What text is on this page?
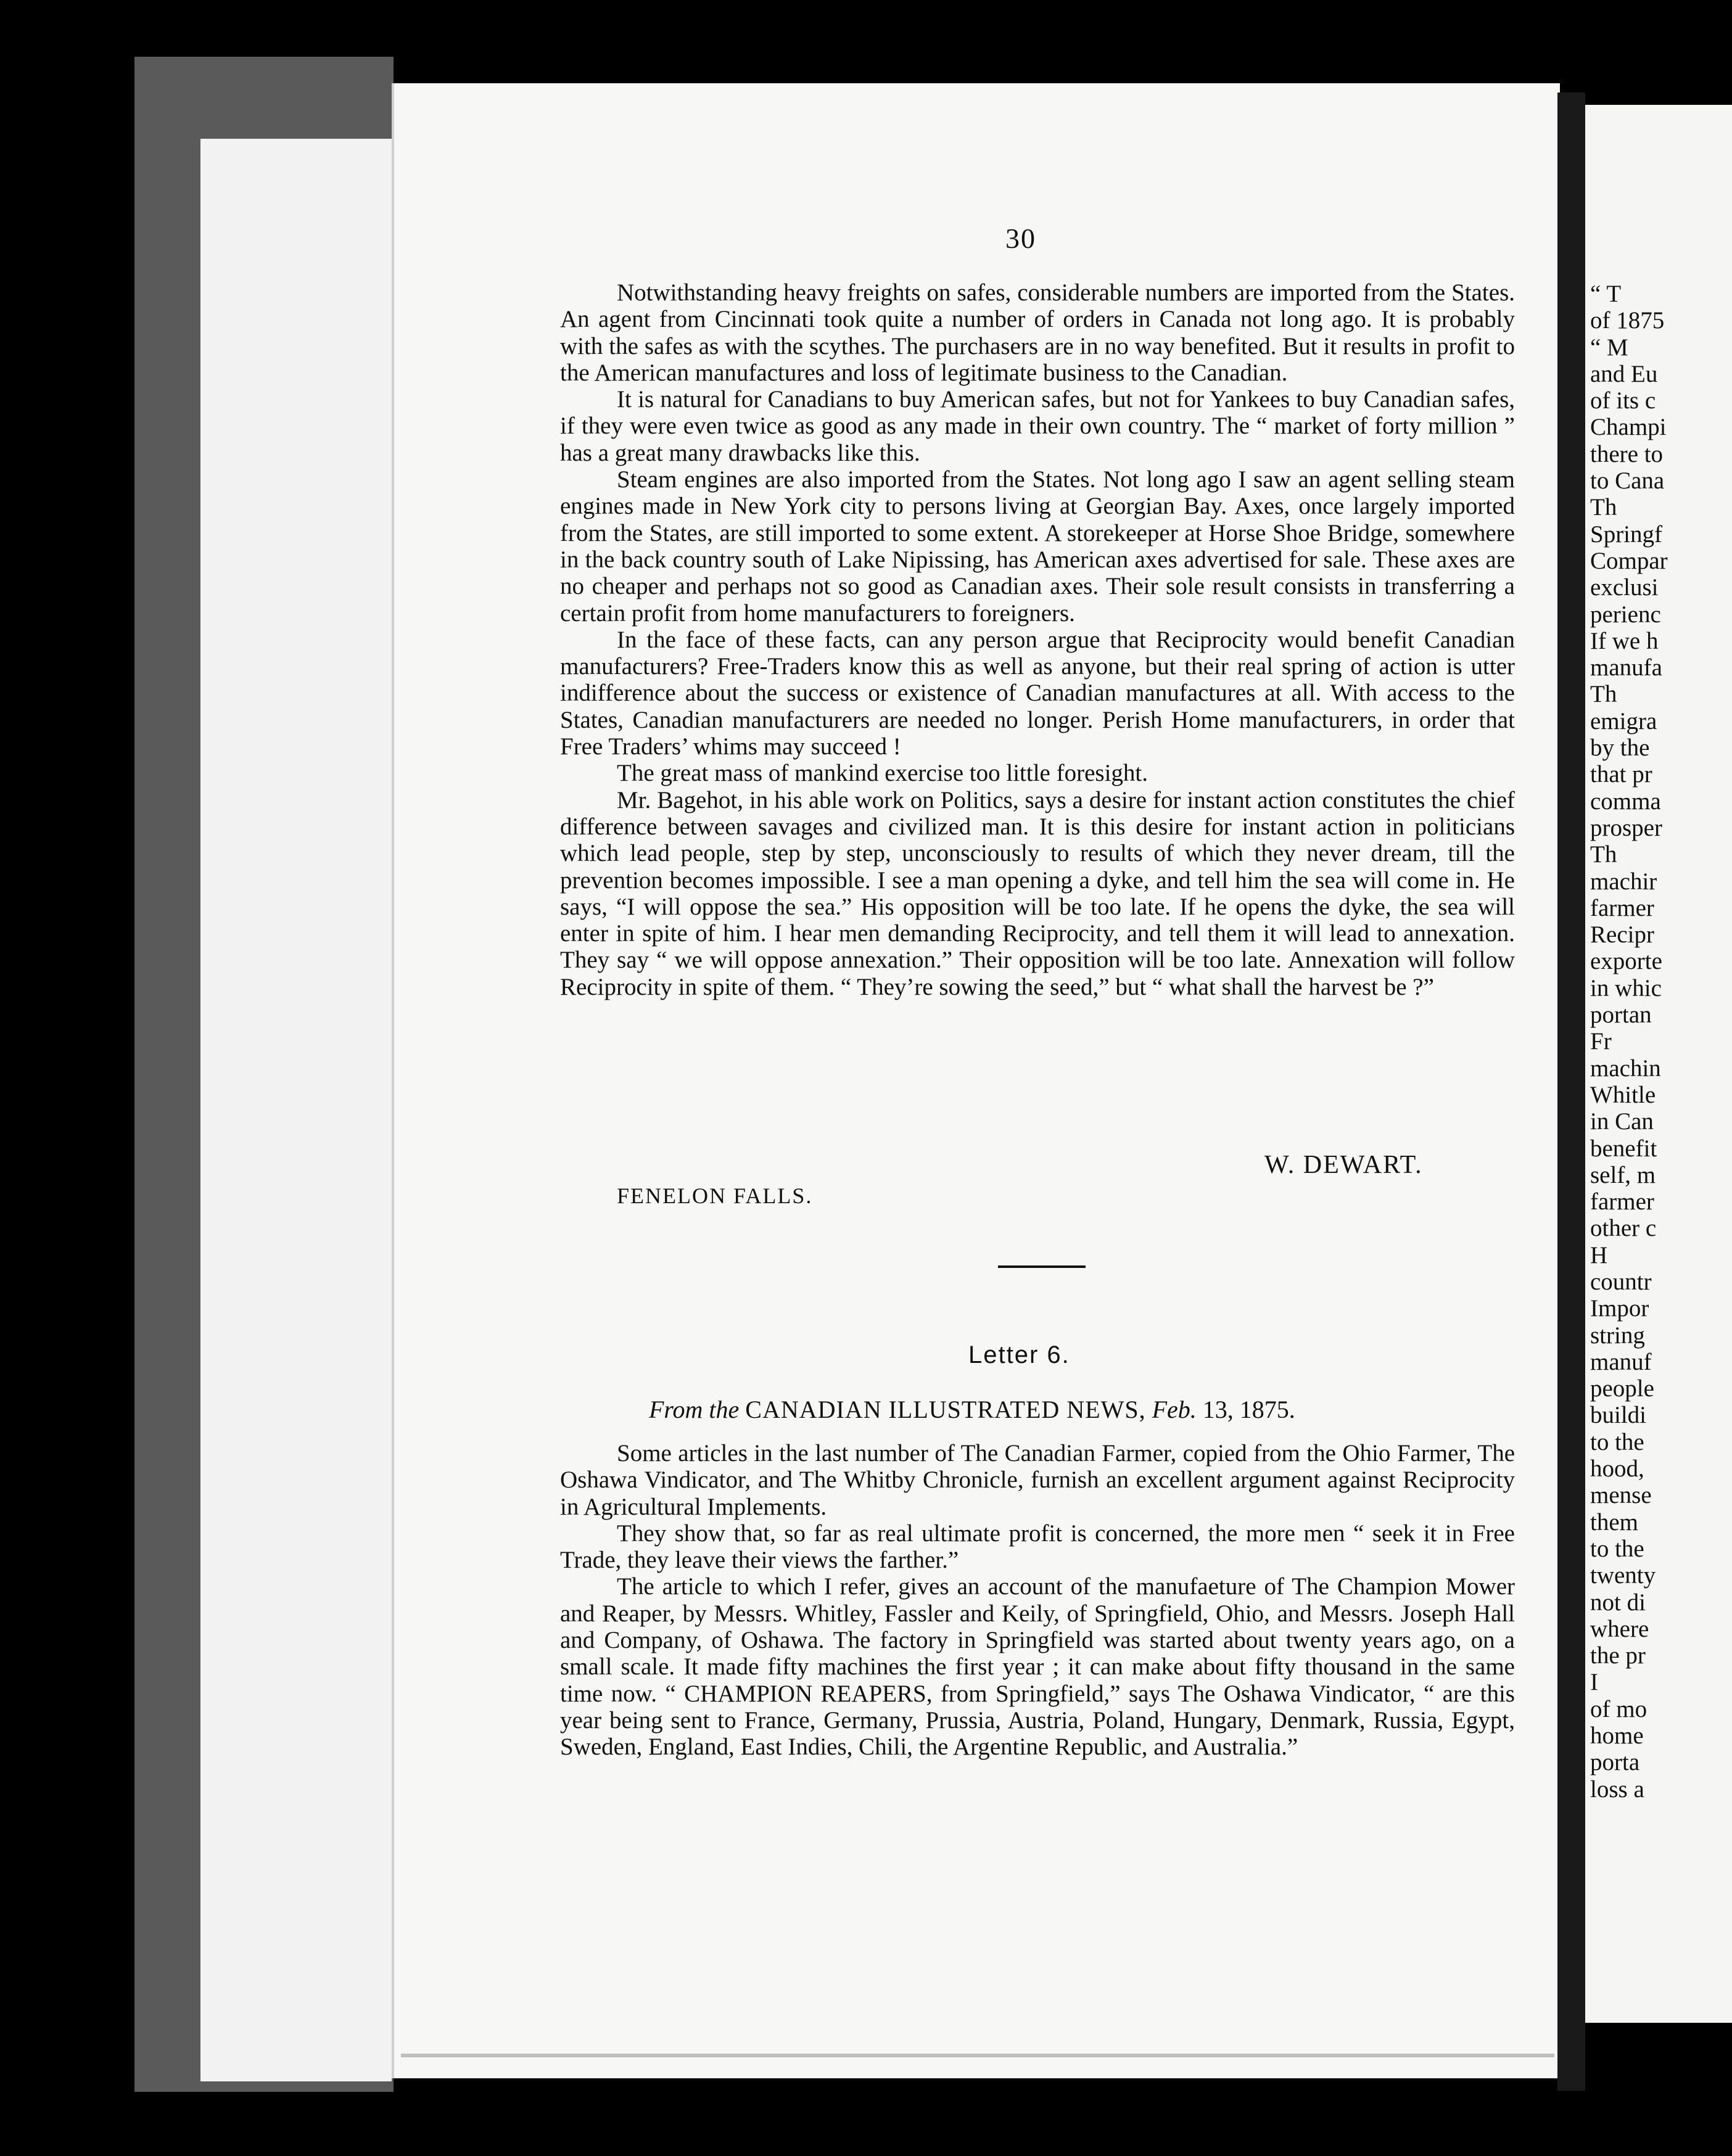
30

Notwithstanding heavy freights on safes, considerable numbers are imported from the States. An agent from Cincinnati took quite a number of orders in Canada not long ago. It is probably with the safes as with the scythes. The purchasers are in no way benefited. But it results in profit to the American manufactures and loss of legitimate business to the Canadian.

It is natural for Canadians to buy American safes, but not for Yankees to buy Canadian safes, if they were even twice as good as any made in their own country. The “ market of forty million ” has a great many drawbacks like this.

Steam engines are also imported from the States. Not long ago I saw an agent selling steam engines made in New York city to persons living at Georgian Bay. Axes, once largely imported from the States, are still imported to some extent. A storekeeper at Horse Shoe Bridge, somewhere in the back country south of Lake Nipissing, has American axes advertised for sale. These axes are no cheaper and perhaps not so good as Canadian axes. Their sole result consists in transferring a certain profit from home manufacturers to foreigners.

In the face of these facts, can any person argue that Reciprocity would benefit Canadian manufacturers? Free-Traders know this as well as anyone, but their real spring of action is utter indifference about the success or existence of Canadian manufactures at all. With access to the States, Canadian manufacturers are needed no longer. Perish Home manufacturers, in order that Free Traders’ whims may succeed !

The great mass of mankind exercise too little foresight.

Mr. Bagehot, in his able work on Politics, says a desire for instant action constitutes the chief difference between savages and civilized man. It is this desire for instant action in politicians which lead people, step by step, unconsciously to results of which they never dream, till the prevention becomes impossible. I see a man opening a dyke, and tell him the sea will come in. He says, “I will oppose the sea.” His opposition will be too late. If he opens the dyke, the sea will enter in spite of him. I hear men demanding Reciprocity, and tell them it will lead to annexation. They say “ we will oppose annexation.” Their opposition will be too late. Annexation will follow Reciprocity in spite of them. “ They’re sowing the seed,” but “ what shall the harvest be ?”

W. DEWART.
FENELON FALLS.
Letter 6.
From the CANADIAN ILLUSTRATED NEWS, Feb. 13, 1875.

Some articles in the last number of The Canadian Farmer, copied from the Ohio Farmer, The Oshawa Vindicator, and The Whitby Chronicle, furnish an excellent argument against Reciprocity in Agricultural Implements.

They show that, so far as real ultimate profit is concerned, the more men “ seek it in Free Trade, they leave their views the farther.”

The article to which I refer, gives an account of the manufaeture of The Champion Mower and Reaper, by Messrs. Whitley, Fassler and Keily, of Springfield, Ohio, and Messrs. Joseph Hall and Company, of Oshawa. The factory in Springfield was started about twenty years ago, on a small scale. It made fifty machines the first year ; it can make about fifty thousand in the same time now. “ CHAMPION REAPERS, from Springfield,” says The Oshawa Vindicator, “ are this year being sent to France, Germany, Prussia, Austria, Poland, Hungary, Denmark, Russia, Egypt, Sweden, England, East Indies, Chili, the Argentine Republic, and Australia.”

“ T
of 1875
“ M
and Eu
of its c
Champi
there to
to Cana
Th
Springf
Compar
exclusi
perienc
If we h
manufa
Th
emigra
by the
that pr
comma
prosper
Th
machir
farmer
Recipr
exporte
in whic
portan
Fr
machin
Whitle
in Can
benefit
self, m
farmer
other c
H
countr
Impor
string
manuf
people
buildi
to the
hood,
mense
them
to the
twenty
not di
where
the pr
I
of mo
home
porta
loss a
